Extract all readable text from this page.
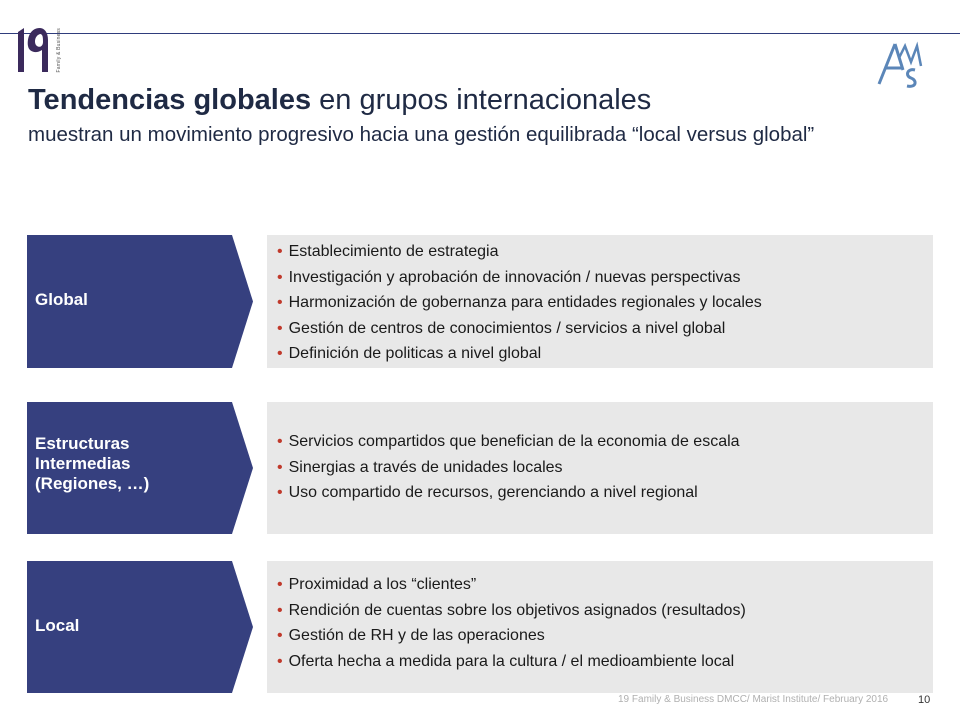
Family & Business
Tendencias globales en grupos internacionales
muestran un movimiento progresivo hacia una gestión equilibrada “local versus global”
Global
• Establecimiento de estrategia
• Investigación y aprobación de innovación / nuevas perspectivas
• Harmonización de gobernanza para entidades regionales y locales
• Gestión de centros de conocimientos / servicios a nivel global
• Definición de politicas a nivel global
Estructuras
Intermedias
(Regiones, …)
• Servicios compartidos que benefician de la economia de escala
• Sinergias a través de unidades locales
• Uso compartido de recursos, gerenciando a nivel regional
Local
• Proximidad a los “clientes”
• Rendición de cuentas sobre los objetivos asignados (resultados)
• Gestión de RH y de las operaciones
• Oferta hecha a medida para la cultura / el medioambiente local
19 Family & Business DMCC/ Marist Institute/ February 2016	10
